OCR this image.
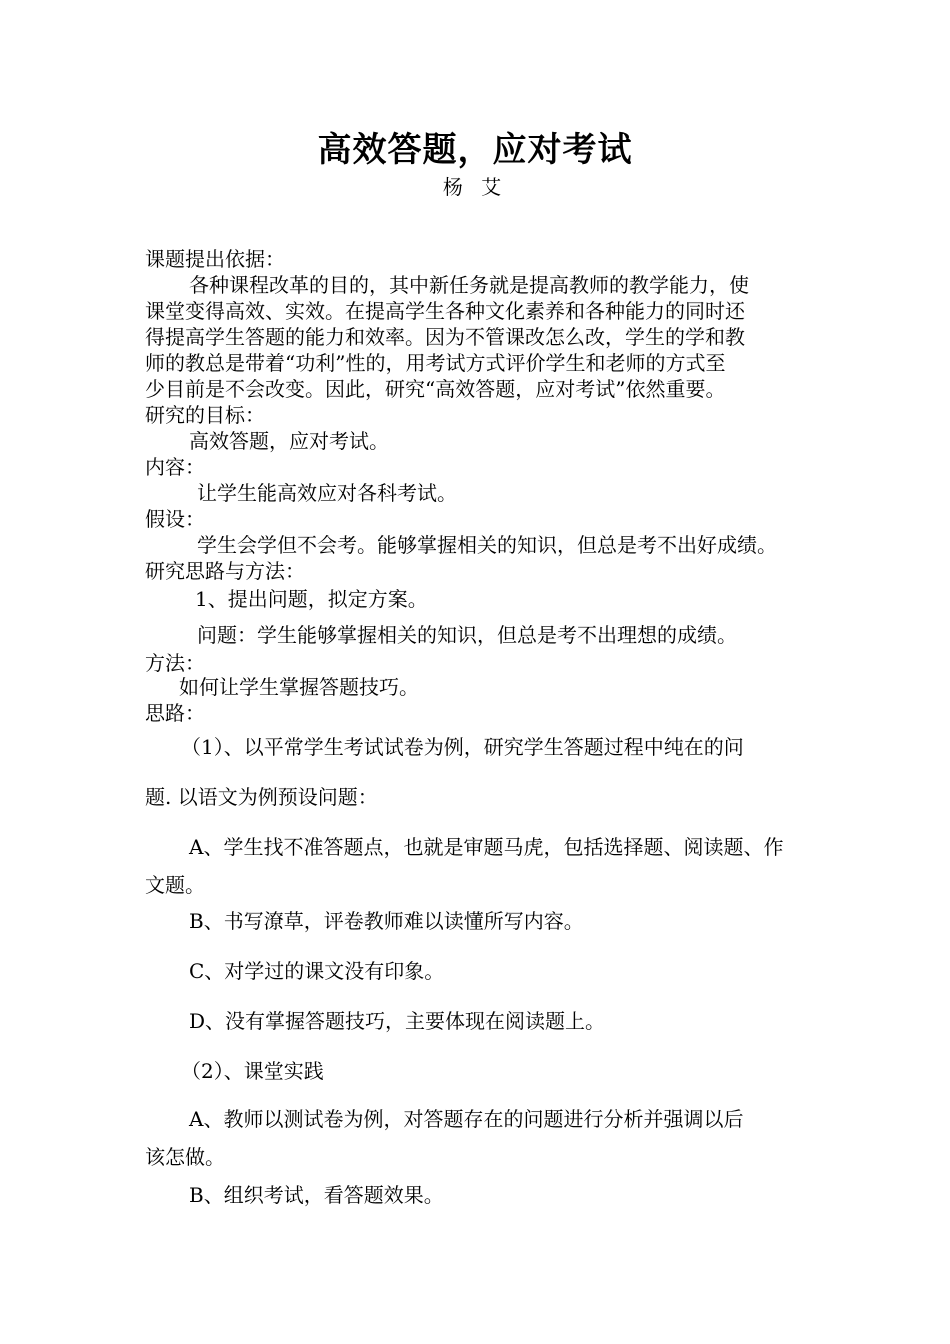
高效答题，应对考试
杨 艾
课题提出依据：
各种课程改革的目的，其中新任务就是提高教师的教学能力，使
课堂变得高效、实效。在提高学生各种文化素养和各种能力的同时还
得提高学生答题的能力和效率。因为不管课改怎么改，学生的学和教
师的教总是带着“功利”性的，用考试方式评价学生和老师的方式至
少目前是不会改变。因此，研究“高效答题，应对考试”依然重要。
研究的目标：
高效答题，应对考试。
内容：
让学生能高效应对各科考试。
假设：
学生会学但不会考。能够掌握相关的知识，但总是考不出好成绩。
研究思路与方法：
1、提出问题，拟定方案。
问题：学生能够掌握相关的知识，但总是考不出理想的成绩。
方法：
如何让学生掌握答题技巧。
思路：
（1）、以平常学生考试试卷为例，研究学生答题过程中纯在的问
题. 以语文为例预设问题：
A、学生找不准答题点，也就是审题马虎，包括选择题、阅读题、作
文题。
B、书写潦草，评卷教师难以读懂所写内容。
C、对学过的课文没有印象。
D、没有掌握答题技巧，主要体现在阅读题上。
（2）、课堂实践
A、教师以测试卷为例，对答题存在的问题进行分析并强调以后
该怎做。
B、组织考试，看答题效果。
